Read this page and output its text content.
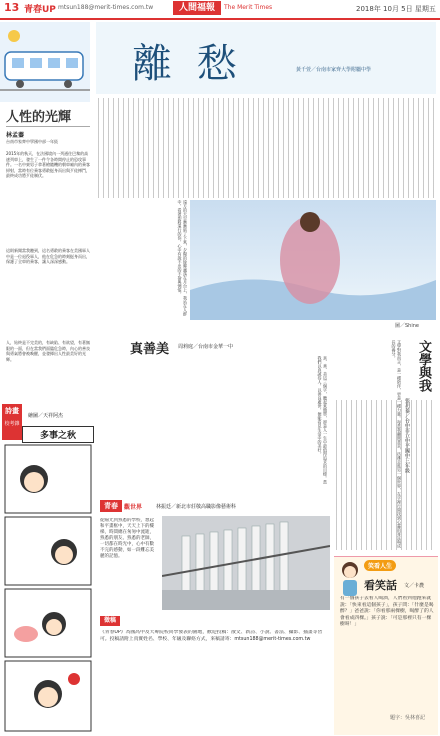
13 青春UP mtsun188@merit-times.com.tw	人間福報	The Merit Times	2018年 10月 5日 星期五
人性的光輝
林孟蓁
台南市家齊中學國中部一年級
2015年的秋天，在法國境內一列通往巴黎的高速列車上，發生了一件令各時間停止的恐攻事件。一名中東男子拿著槍隨機的朝車廂內的乘客掃射，當時有位乘客勇敢挺身而出與歹徒搏鬥，最終成功將歹徒制伏。
這則新聞當我聽到，這名勇敢的乘客在美國軍人中是一位退役軍人，他在危急的時刻挺身而出，保護了全車的乘客，讓人深深感動。
人，始終是不完美的，有缺陷、有欲望，有著無限的一面，但在當我們面臨危急時，內心的善良與勇氣將會被喚醒，並發揮出人性最美好的光輝。
詩畫
校考雜
繪圖／天祥阿杰
多事之秋
離 愁	黃千萱／台南市家齊大學附屬中學
遠方的天空漸漸暗了下來，夕陽的餘暉灑落在月台上，我站在人群中，看著即將遠行的你，心中有說不出的不捨與惆悵。
圖／Shine
真善美 周莉庭／台南市金華一中
真、善、美這三個字，聽起來簡單，卻是人一生中最值得追求的目標。當我們以真誠待人，以善良處世，便能看見生活中的美好。	文學與我
張玥蓁／台中市立中平國中三年級
文學對我而言，是一種陪伴，更是一種力量。每當我翻開書頁，彷彿走進另一個世界，在字裡行間找到心靈的寄託與成長的養分。
青春	觀世界	林振廷／新北市莊敬高職影像藝術科
從陽光到熟悉的學校，想起和平畫框中，天天上下的樓梯，時間總在匆匆中流逝，熟悉的朋友、熟悉的老師，一切都在時光中，心中有數不完的感動，如一段難忘美麗的記憶。
徵稿
《青春UP》為國高中及大專院校同學發表的園地，歡迎投稿：散文、新詩、小說、書法、攝影、插畫等皆可。投稿請附上真實姓名、學校、年級及聯絡方式，來稿請寄：mtsun188@merit-times.com.tw
笑看人生
看笑話 文／卡農
有一個孩子去看人喝酒，人們看到他跑來就說：「快來看這個孩子」，孩子問：「什麼是喝醉？」爸爸說：「你看那兩棵樹，喝醉了的人會看成四棵。」孩子說：「可是那裡只有一棵樹呀！」
題字：吳林喜記
